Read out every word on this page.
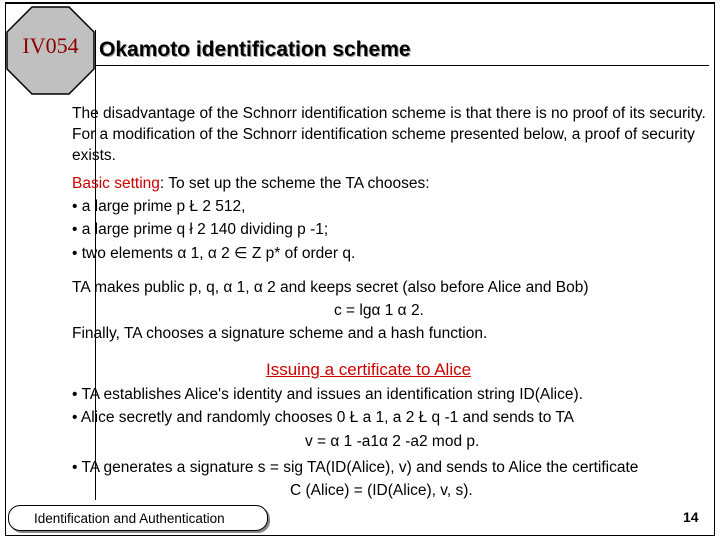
IV054 Okamoto identification scheme
The disadvantage of the Schnorr identification scheme is that there is no proof of its security. For a modification of the Schnorr identification scheme presented below, a proof of security exists.
Basic setting: To set up the scheme the TA chooses:
• a large prime p Ł 2 512,
• a large prime q ł 2 140 dividing p -1;
• two elements α 1, α 2 ∈ Z p* of order q.
TA makes public p, q, α 1, α 2 and keeps secret (also before Alice and Bob)
c = lgα 1 α 2.
Finally, TA chooses a signature scheme and a hash function.
Issuing a certificate to Alice
• TA establishes Alice's identity and issues an identification string ID(Alice).
• Alice secretly and randomly chooses 0 Ł a 1, a 2 Ł q -1 and sends to TA
v = α 1 -a1α 2 -a2 mod p.
• TA generates a signature s = sig TA(ID(Alice), v) and sends to Alice the certificate
C (Alice) = (ID(Alice), v, s).
Identification and Authentication	14
